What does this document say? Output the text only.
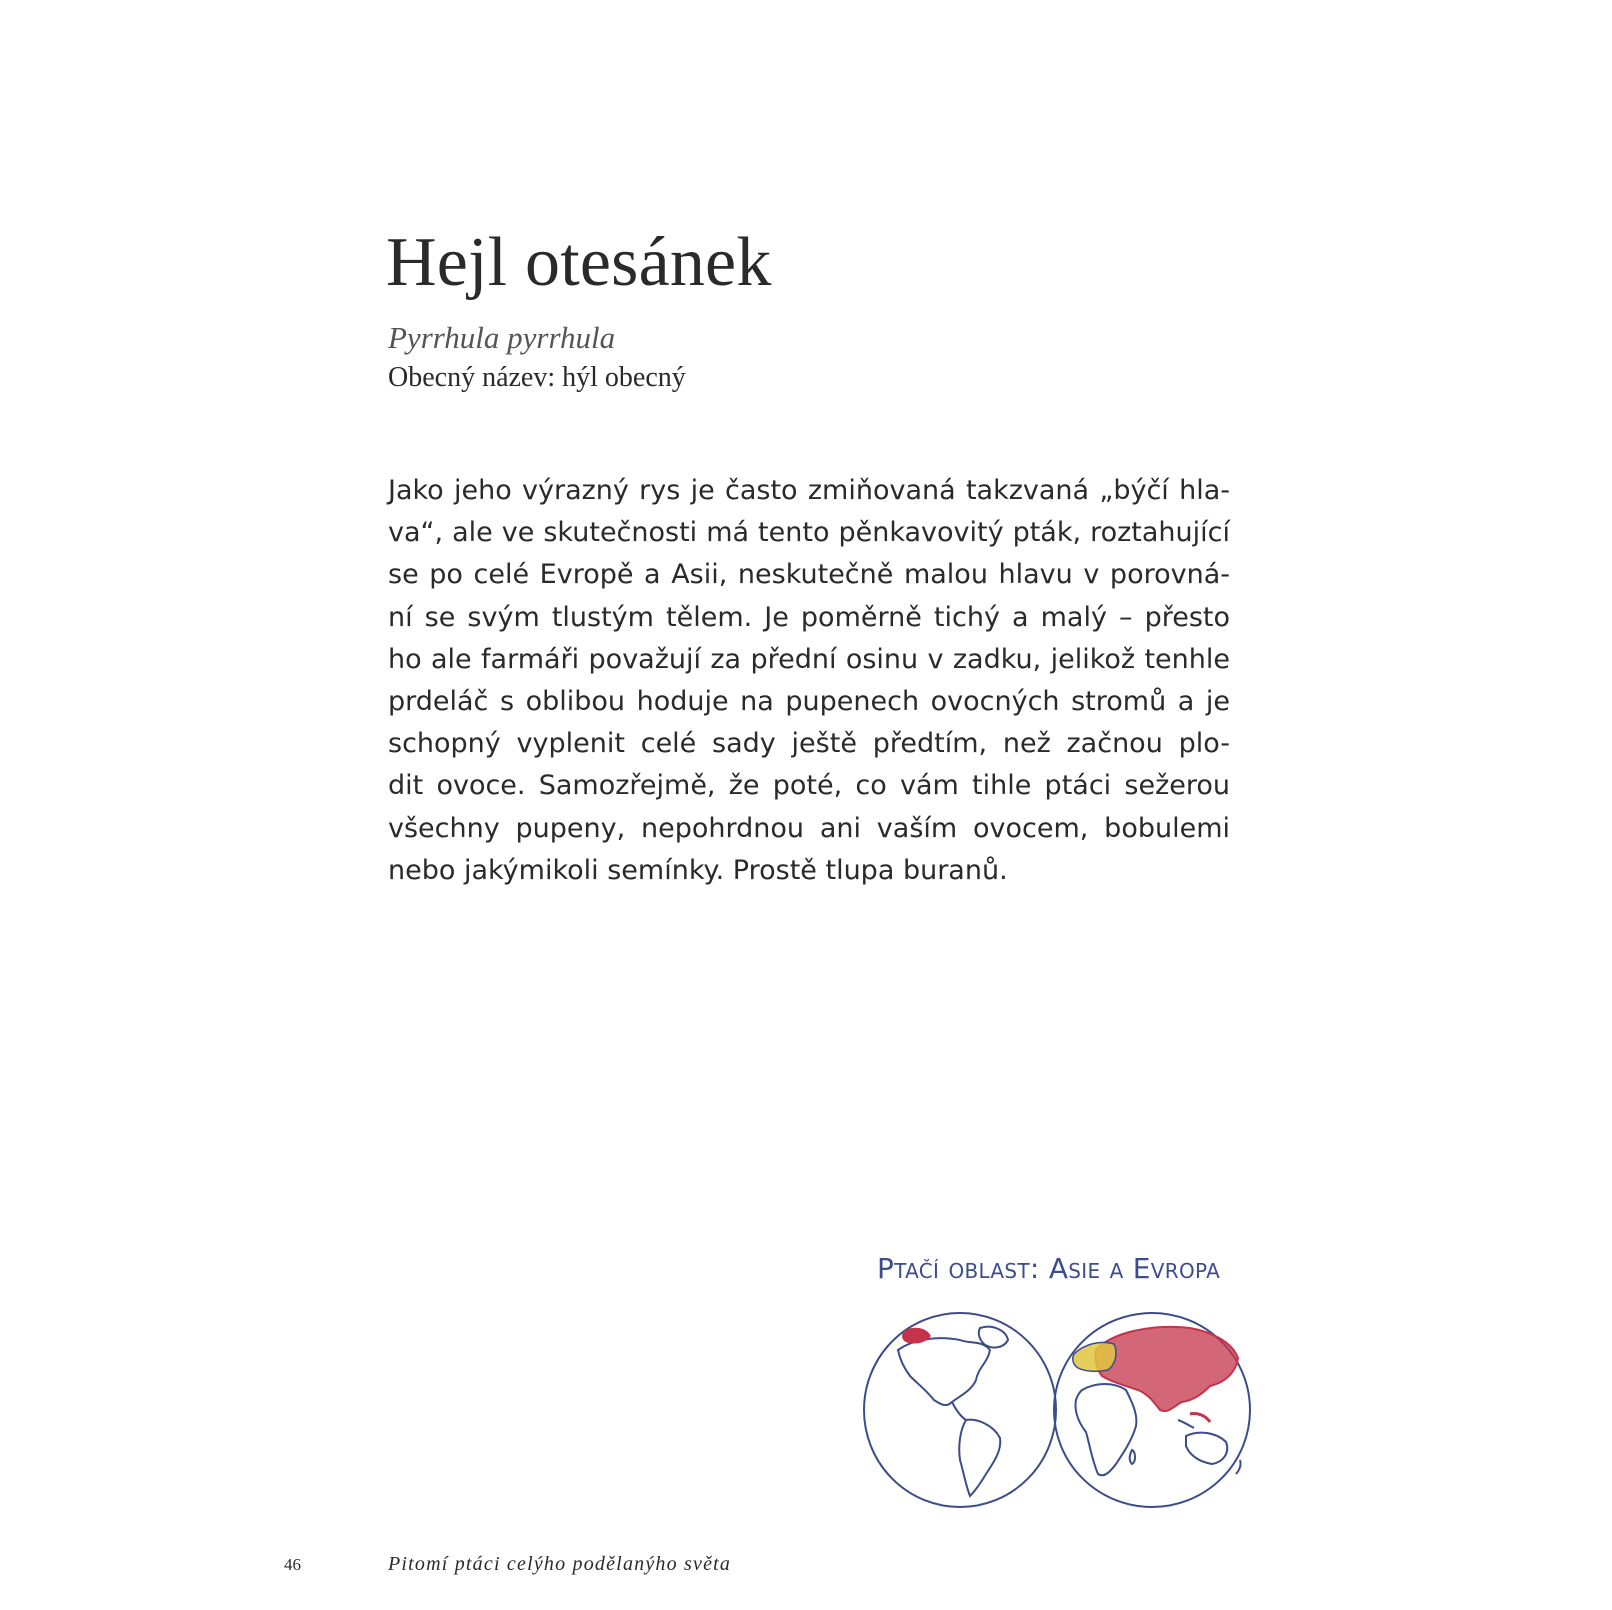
Hejl otesánek
Pyrrhula pyrrhula
Obecný název: hýl obecný

Jako jeho výrazný rys je často zmiňovaná takzvaná „býčí hla-
va“, ale ve skutečnosti má tento pěnkavovitý pták, roztahující
se po celé Evropě a Asii, neskutečně malou hlavu v porovná-
ní se svým tlustým tělem. Je poměrně tichý a malý – přesto
ho ale farmáři považují za přední osinu v zadku, jelikož tenhle
prdeláč s oblibou hoduje na pupenech ovocných stromů a je
schopný vyplenit celé sady ještě předtím, než začnou plo-
dit ovoce. Samozřejmě, že poté, co vám tihle ptáci sežerou
všechny pupeny, nepohrdnou ani vaším ovocem, bobulemi
nebo jakýmikoli semínky. Prostě tlupa buranů.

Ptačí oblast: Asie a Evropa
46	Pitomí ptáci celýho podělanýho světa
